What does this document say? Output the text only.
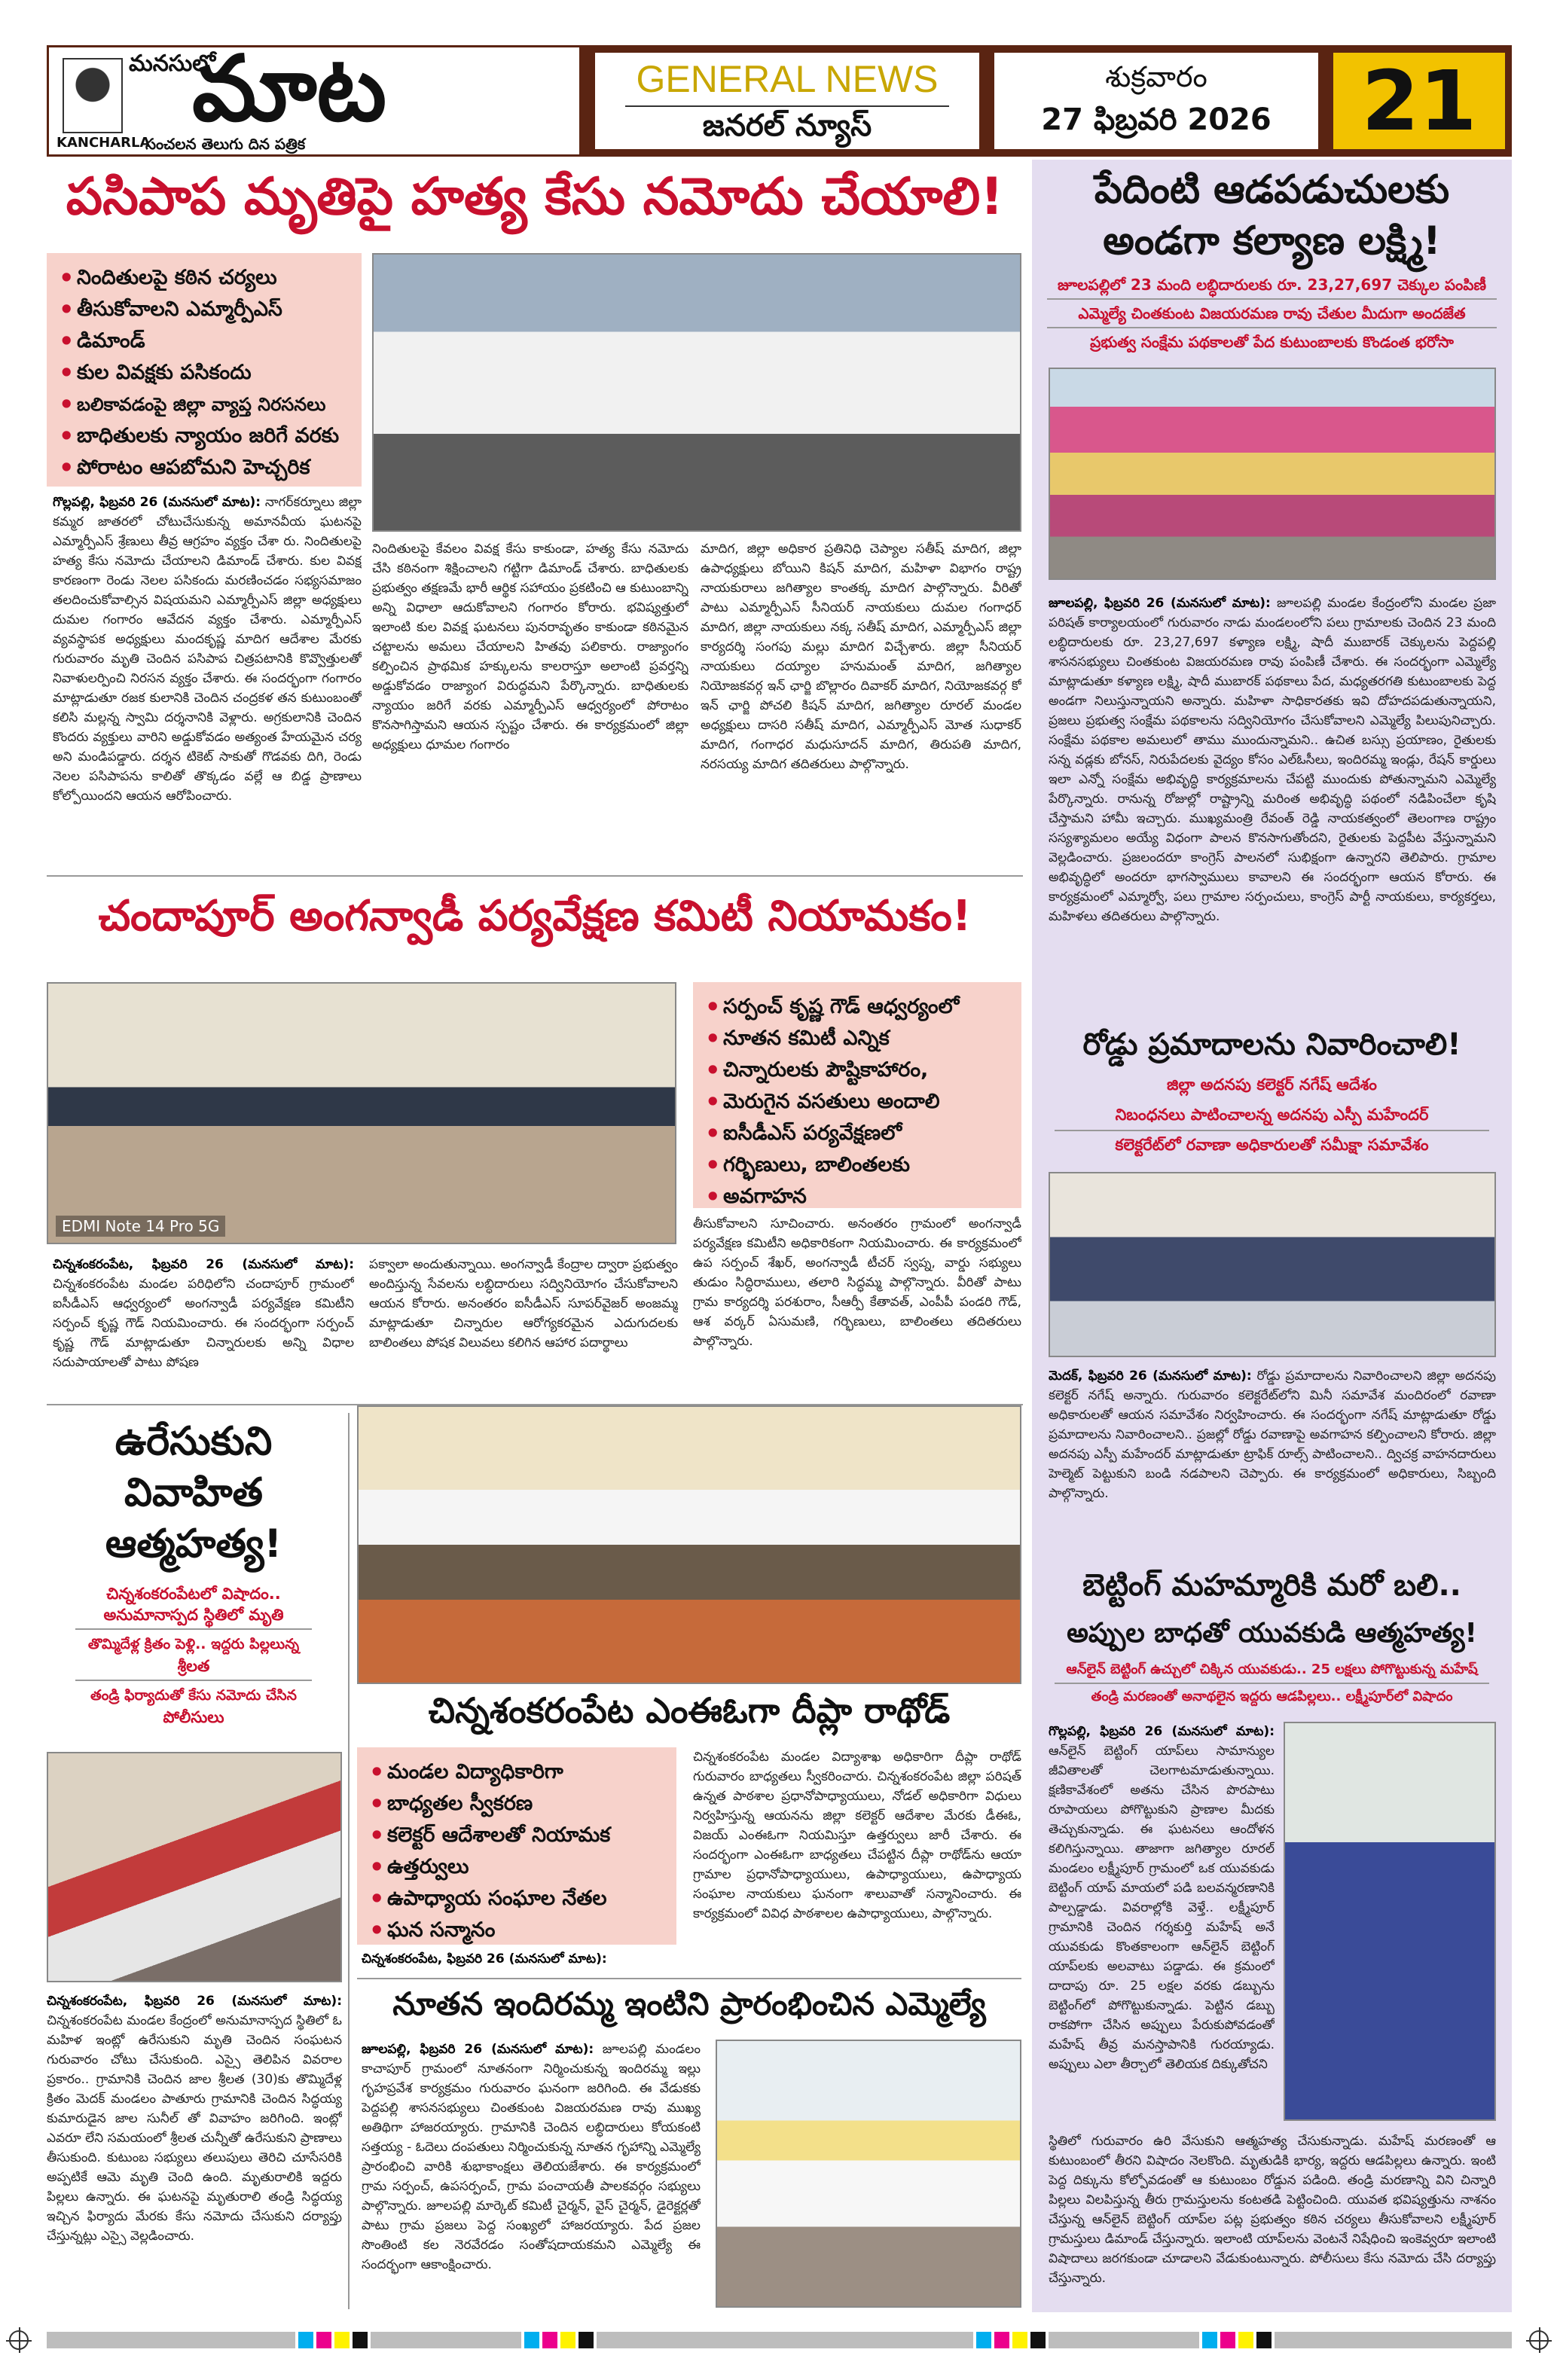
మనసులో
మాట
KANCHARLA
సంచలన తెలుగు దిన పత్రిక
GENERAL NEWS
జనరల్ న్యూస్
శుక్రవారం
27 ఫిబ్రవరి 2026	21
పేదింటి ఆడపడుచులకు
అండగా కల్యాణ లక్ష్మి!
జూలపల్లిలో 23 మంది లబ్ధిదారులకు రూ. 23,27,697 చెక్కుల పంపిణీ
ఎమ్మెల్యే చింతకుంట విజయరమణ రావు చేతుల మీదుగా అందజేత
ప్రభుత్వ సంక్షేమ పథకాలతో పేద కుటుంబాలకు కొండంత భరోసా
జూలపల్లి, ఫిబ్రవరి 26 (మనసులో మాట): జూలపల్లి మండల కేంద్రంలోని మండల ప్రజా పరిషత్ కార్యాలయంలో గురువారం నాడు మండలంలోని పలు గ్రామాలకు చెందిన 23 మంది లబ్ధిదారులకు రూ. 23,27,697 కళ్యాణ లక్ష్మి, షాదీ ముబారక్ చెక్కులను పెద్దపల్లి శాసనసభ్యులు చింతకుంట విజయరమణ రావు పంపిణీ చేశారు. ఈ సందర్భంగా ఎమ్మెల్యే మాట్లాడుతూ కళ్యాణ లక్ష్మి, షాదీ ముబారక్ పథకాలు పేద, మధ్యతరగతి కుటుంబాలకు పెద్ద అండగా నిలుస్తున్నాయని అన్నారు. మహిళా సాధికారతకు ఇవి దోహదపడుతున్నాయని, ప్రజలు ప్రభుత్వ సంక్షేమ పథకాలను సద్వినియోగం చేసుకోవాలని ఎమ్మెల్యే పిలుపునిచ్చారు. సంక్షేమ పథకాల అమలులో తాము ముందున్నామని.. ఉచిత బస్సు ప్రయాణం, రైతులకు సన్న వడ్లకు బోనస్, నిరుపేదలకు వైద్యం కోసం ఎల్ఓసీలు, ఇందిరమ్మ ఇండ్లు, రేషన్ కార్డులు ఇలా ఎన్నో సంక్షేమ అభివృద్ధి కార్యక్రమాలను చేపట్టి ముందుకు పోతున్నామని ఎమ్మెల్యే పేర్కొన్నారు. రానున్న రోజుల్లో రాష్ట్రాన్ని మరింత అభివృద్ధి పథంలో నడిపించేలా కృషి చేస్తామని హామీ ఇచ్చారు. ముఖ్యమంత్రి రేవంత్ రెడ్డి నాయకత్వంలో తెలంగాణ రాష్ట్రం సస్యశ్యామలం అయ్యే విధంగా పాలన కొనసాగుతోందని, రైతులకు పెద్దపీట వేస్తున్నామని వెల్లడించారు. ప్రజలందరూ కాంగ్రెస్ పాలనలో సుభిక్షంగా ఉన్నారని తెలిపారు. గ్రామాల అభివృద్ధిలో అందరూ భాగస్వాములు కావాలని ఈ సందర్భంగా ఆయన కోరారు. ఈ కార్యక్రమంలో ఎమ్మార్వో, పలు గ్రామాల సర్పంచులు, కాంగ్రెస్ పార్టీ నాయకులు, కార్యకర్తలు, మహిళలు తదితరులు పాల్గొన్నారు.
రోడ్డు ప్రమాదాలను నివారించాలి!
జిల్లా అదనపు కలెక్టర్ నగేష్ ఆదేశం
నిబంధనలు పాటించాలన్న అదనపు ఎస్పీ మహేందర్
కలెక్టరేట్‌లో రవాణా అధికారులతో సమీక్షా సమావేశం
మెదక్, ఫిబ్రవరి 26 (మనసులో మాట): రోడ్డు ప్రమాదాలను నివారించాలని జిల్లా అదనపు కలెక్టర్ నగేష్ అన్నారు. గురువారం కలెక్టరేట్‌లోని మినీ సమావేశ మందిరంలో రవాణా అధికారులతో ఆయన సమావేశం నిర్వహించారు. ఈ సందర్భంగా నగేష్ మాట్లాడుతూ రోడ్డు ప్రమాదాలను నివారించాలని.. ప్రజల్లో రోడ్డు రవాణాపై అవగాహన కల్పించాలని కోరారు. జిల్లా అదనపు ఎస్పీ మహేందర్ మాట్లాడుతూ ట్రాఫిక్ రూల్స్ పాటించాలని.. ద్విచక్ర వాహనదారులు హెల్మెట్ పెట్టుకుని బండి నడపాలని చెప్పారు. ఈ కార్యక్రమంలో అధికారులు, సిబ్బంది పాల్గొన్నారు.
బెట్టింగ్ మహమ్మారికి మరో బలి..
అప్పుల బాధతో యువకుడి ఆత్మహత్య!
ఆన్‌లైన్ బెట్టింగ్ ఉచ్చులో చిక్కిన యువకుడు.. 25 లక్షలు పోగొట్టుకున్న మహేష్
తండ్రి మరణంతో అనాథలైన ఇద్దరు ఆడపిల్లలు.. లక్ష్మీపూర్‌లో విషాదం
గొల్లపల్లి, ఫిబ్రవరి 26 (మనసులో మాట): ఆన్‌లైన్ బెట్టింగ్ యాప్‌లు సామాన్యుల జీవితాలతో చెలగాటమాడుతున్నాయి. క్షణికావేశంలో అతను చేసిన పొరపాటు రూపాయలు పోగొట్టుకుని ప్రాణాల మీదకు తెచ్చుకున్నాడు. ఈ ఘటనలు ఆందోళన కలిగిస్తున్నాయి. తాజాగా జగిత్యాల రూరల్ మండలం లక్ష్మీపూర్ గ్రామంలో ఒక యువకుడు బెట్టింగ్ యాప్ మాయలో పడి బలవన్మరణానికి పాల్పడ్డాడు. వివరాల్లోకి వెళ్తే.. లక్ష్మీపూర్ గ్రామానికి చెందిన గర్శకుర్తి మహేష్ అనే యువకుడు కొంతకాలంగా ఆన్‌లైన్ బెట్టింగ్ యాప్‌లకు అలవాటు పడ్డాడు. ఈ క్రమంలో దాదాపు రూ. 25 లక్షల వరకు డబ్బును బెట్టింగ్‌లో పోగొట్టుకున్నాడు. పెట్టిన డబ్బు రాకపోగా చేసిన అప్పులు పేరుకుపోవడంతో మహేష్ తీవ్ర మనస్తాపానికి గురయ్యాడు. అప్పులు ఎలా తీర్చాలో తెలియక దిక్కుతోచని
స్థితిలో గురువారం ఉరి వేసుకుని ఆత్మహత్య చేసుకున్నాడు. మహేష్ మరణంతో ఆ కుటుంబంలో తీరని విషాదం నెలకొంది. మృతుడికి భార్య, ఇద్దరు ఆడపిల్లలు ఉన్నారు. ఇంటి పెద్ద దిక్కును కోల్పోవడంతో ఆ కుటుంబం రోడ్డున పడింది. తండ్రి మరణాన్ని విని చిన్నారి పిల్లలు విలపిస్తున్న తీరు గ్రామస్తులను కంటతడి పెట్టించింది. యువత భవిష్యత్తును నాశనం చేస్తున్న ఆన్‌లైన్ బెట్టింగ్ యాప్‌ల పట్ల ప్రభుత్వం కఠిన చర్యలు తీసుకోవాలని లక్ష్మీపూర్ గ్రామస్తులు డిమాండ్ చేస్తున్నారు. ఇలాంటి యాప్‌లను వెంటనే నిషేధించి ఇంకెవ్వరూ ఇలాంటి విషాదాలు జరగకుండా చూడాలని వేడుకుంటున్నారు. పోలీసులు కేసు నమోదు చేసి దర్యాప్తు చేస్తున్నారు.
పసిపాప మృతిపై హత్య కేసు నమోదు చేయాలి!
• నిందితులపై కఠిన చర్యలు
• తీసుకోవాలని ఎమ్మార్పీఎస్
• డిమాండ్
• కుల వివక్షకు పసికందు
• బలికావడంపై జిల్లా వ్యాప్త నిరసనలు
• బాధితులకు న్యాయం జరిగే వరకు
• పోరాటం ఆపబోమని హెచ్చరిక
గొల్లపల్లి, ఫిబ్రవరి 26 (మనసులో మాట): నాగర్‌కర్నూలు జిల్లా కమ్మర జాతరలో చోటుచేసుకున్న అమానవీయ ఘటనపై ఎమ్మార్పీఎస్ శ్రేణులు తీవ్ర ఆగ్రహం వ్యక్తం చేశా రు. నిందితులపై హత్య కేసు నమోదు చేయాలని డిమాండ్ చేశారు. కుల వివక్ష కారణంగా రెండు నెలల పసికందు మరణించడం సభ్యసమాజం తలదించుకోవాల్సిన విషయమని ఎమ్మార్పీఎస్ జిల్లా అధ్యక్షులు దుమల గంగారం ఆవేదన వ్యక్తం చేశారు. ఎమ్మార్పీఎస్ వ్యవస్థాపక అధ్యక్షులు మందకృష్ణ మాదిగ ఆదేశాల మేరకు గురువారం మృతి చెందిన పసిపాప చిత్రపటానికి కొవ్వొత్తులతో నివాళులర్పించి నిరసన వ్యక్తం చేశారు. ఈ సందర్భంగా గంగారం మాట్లాడుతూ రజక కులానికి చెందిన చంద్రకళ తన కుటుంబంతో కలిసి మల్లన్న స్వామి దర్శనానికి వెళ్లారు. అగ్రకులానికి చెందిన కొందరు వ్యక్తులు వారిని అడ్డుకోవడం అత్యంత హేయమైన చర్య అని మండిపడ్డారు. దర్శన టికెట్ సాకుతో గొడవకు దిగి, రెండు నెలల పసిపాపను కాలితో తొక్కడం వల్లే ఆ బిడ్డ ప్రాణాలు కోల్పోయిందని ఆయన ఆరోపించారు.
నిందితులపై కేవలం వివక్ష కేసు కాకుండా, హత్య కేసు నమోదు చేసి కఠినంగా శిక్షించాలని గట్టిగా డిమాండ్ చేశారు. బాధితులకు ప్రభుత్వం తక్షణమే భారీ ఆర్థిక సహాయం ప్రకటించి ఆ కుటుంబాన్ని అన్ని విధాలా ఆదుకోవాలని గంగారం కోరారు. భవిష్యత్తులో ఇలాంటి కుల వివక్ష ఘటనలు పునరావృతం కాకుండా కఠినమైన చట్టాలను అమలు చేయాలని హితవు పలికారు. రాజ్యాంగం కల్పించిన ప్రాథమిక హక్కులను కాలరాస్తూ అలాంటి ప్రవర్తన్ని అడ్డుకోవడం రాజ్యాంగ విరుద్ధమని పేర్కొన్నారు. బాధితులకు న్యాయం జరిగే వరకు ఎమ్మార్పీఎస్ ఆధ్వర్యంలో పోరాటం కొనసాగిస్తామని ఆయన స్పష్టం చేశారు. ఈ కార్యక్రమంలో జిల్లా అధ్యక్షులు ధూమల గంగారం
మాదిగ, జిల్లా అధికార ప్రతినిధి చెప్యాల సతీష్ మాదిగ, జిల్లా ఉపాధ్యక్షులు బోయిని కిషన్ మాదిగ, మహిళా విభాగం రాష్ట్ర నాయకురాలు జగిత్యాల కాంతక్క మాదిగ పాల్గొన్నారు. వీరితో పాటు ఎమ్మార్పీఎస్ సీనియర్ నాయకులు దుమల గంగాధర్ మాదిగ, జిల్లా నాయకులు నక్క సతీష్ మాదిగ, ఎమ్మార్పీఎస్ జిల్లా కార్యదర్శి సంగపు మల్లు మాదిగ విచ్చేశారు. జిల్లా సీనియర్ నాయకులు దయ్యాల హనుమంత్ మాదిగ, జగిత్యాల నియోజకవర్గ ఇన్ ఛార్జి బొల్లారం దివాకర్ మాదిగ, నియోజకవర్గ కో ఇన్ ఛార్జి పోచలి కిషన్ మాదిగ, జగిత్యాల రూరల్ మండల అధ్యక్షులు దాసరి సతీష్ మాదిగ, ఎమ్మార్పీఎస్ మోత సుధాకర్ మాదిగ, గంగాధర మధుసూదన్ మాదిగ, తిరుపతి మాదిగ, నరసయ్య మాదిగ తదితరులు పాల్గొన్నారు.
చందాపూర్ అంగన్వాడీ పర్యవేక్షణ కమిటీ నియామకం!
EDMI Note 14 Pro 5G
• సర్పంచ్ కృష్ణ గౌడ్ ఆధ్వర్యంలో
• నూతన కమిటీ ఎన్నిక
• చిన్నారులకు పౌష్టికాహారం,
• మెరుగైన వసతులు అందాలి
• ఐసీడీఎస్ పర్యవేక్షణలో
• గర్భిణులు, బాలింతలకు
• అవగాహన
చిన్నశంకరంపేట, ఫిబ్రవరి 26 (మనసులో మాట): చిన్నశంకరంపేట మండల పరిధిలోని చందాపూర్ గ్రామంలో ఐసీడీఎస్ ఆధ్వర్యంలో అంగన్వాడీ పర్యవేక్షణ కమిటీని సర్పంచ్ కృష్ణ గౌడ్ నియమించారు. ఈ సందర్భంగా సర్పంచ్ కృష్ణ గౌడ్ మాట్లాడుతూ చిన్నారులకు అన్ని విధాల సదుపాయాలతో పాటు పోషణ
పక్వాలా అందుతున్నాయి. అంగన్వాడీ కేంద్రాల ద్వారా ప్రభుత్వం అందిస్తున్న సేవలను లబ్ధిదారులు సద్వినియోగం చేసుకోవాలని ఆయన కోరారు. అనంతరం ఐసీడీఎస్ సూపర్‌వైజర్ అంజమ్మ మాట్లాడుతూ చిన్నారుల ఆరోగ్యకరమైన ఎదుగుదలకు బాలింతలు పోషక విలువలు కలిగిన ఆహార పదార్థాలు
తీసుకోవాలని సూచించారు. అనంతరం గ్రామంలో అంగన్వాడీ పర్యవేక్షణ కమిటీని అధికారికంగా నియమించారు. ఈ కార్యక్రమంలో ఉప సర్పంచ్ శేఖర్, అంగన్వాడీ టీచర్ స్వప్న, వార్డు సభ్యులు తుడుం సిద్ధిరాములు, తలారి సిద్ధమ్మ పాల్గొన్నారు. వీరితో పాటు గ్రామ కార్యదర్శి పరశురాం, సీఆర్పీ కేతావత్, ఎంపీపీ పండరి గౌడ్, ఆశ వర్కర్ ఏసుమణి, గర్భిణులు, బాలింతలు తదితరులు పాల్గొన్నారు.
ఉరేసుకుని
వివాహిత
ఆత్మహత్య!
చిన్నశంకరంపేటలో విషాదం..
అనుమానాస్పద స్థితిలో మృతి
తొమ్మిదేళ్ల క్రితం పెళ్లి.. ఇద్దరు పిల్లలున్న
శ్రీలత
తండ్రి ఫిర్యాదుతో కేసు నమోదు చేసిన
పోలీసులు
చిన్నశంకరంపేట, ఫిబ్రవరి 26 (మనసులో మాట): చిన్నశంకరంపేట మండల కేంద్రంలో అనుమానాస్పద స్థితిలో ఓ మహిళ ఇంట్లో ఉరేసుకుని మృతి చెందిన సంఘటన గురువారం చోటు చేసుకుంది. ఎస్సై తెలిపిన వివరాల ప్రకారం.. గ్రామానికి చెందిన జాల శ్రీలత (30)కు తొమ్మిదేళ్ల క్రితం మెదక్ మండలం పాతూరు గ్రామానికి చెందిన సిద్ధయ్య కుమారుడైన జాల సునీల్ తో వివాహం జరిగింది. ఇంట్లో ఎవరూ లేని సమయంలో శ్రీలత చున్నీతో ఉరేసుకుని ప్రాణాలు తీసుకుంది. కుటుంబ సభ్యులు తలుపులు తెరిచి చూసేసరికి అప్పటికే ఆమె మృతి చెంది ఉంది. మృతురాలికి ఇద్దరు పిల్లలు ఉన్నారు. ఈ ఘటనపై మృతురాలి తండ్రి సిద్ధయ్య ఇచ్చిన ఫిర్యాదు మేరకు కేసు నమోదు చేసుకుని దర్యాప్తు చేస్తున్నట్లు ఎస్సై వెల్లడించారు.
చిన్నశంకరంపేట ఎంఈఓగా దీప్లా రాథోడ్
• మండల విద్యాధికారిగా
• బాధ్యతల స్వీకరణ
• కలెక్టర్ ఆదేశాలతో నియామక
• ఉత్తర్వులు
• ఉపాధ్యాయ సంఘాల నేతల
• ఘన సన్మానం
చిన్నశంకరంపేట, ఫిబ్రవరి 26 (మనసులో మాట):
చిన్నశంకరంపేట మండల విద్యాశాఖ అధికారిగా దీప్లా రాథోడ్ గురువారం బాధ్యతలు స్వీకరించారు. చిన్నశంకరంపేట జిల్లా పరిషత్ ఉన్నత పాఠశాల ప్రధానోపాధ్యాయులు, నోడల్ అధికారిగా విధులు నిర్వహిస్తున్న ఆయనను జిల్లా కలెక్టర్ ఆదేశాల మేరకు డీఈఓ, విజయ్ ఎంఈఓగా నియమిస్తూ ఉత్తర్వులు జారీ చేశారు. ఈ సందర్భంగా ఎంఈఓగా బాధ్యతలు చేపట్టిన దీప్లా రాథోడ్‌ను ఆయా గ్రామాల ప్రధానోపాధ్యాయులు, ఉపాధ్యాయులు, ఉపాధ్యాయ సంఘాల నాయకులు ఘనంగా శాలువాతో సన్మానించారు. ఈ కార్యక్రమంలో వివిధ పాఠశాలల ఉపాధ్యాయులు, పాల్గొన్నారు.
నూతన ఇందిరమ్మ ఇంటిని ప్రారంభించిన ఎమ్మెల్యే
జూలపల్లి, ఫిబ్రవరి 26 (మనసులో మాట): జూలపల్లి మండలం కాచాపూర్ గ్రామంలో నూతనంగా నిర్మించుకున్న ఇందిరమ్మ ఇల్లు గృహప్రవేశ కార్యక్రమం గురువారం ఘనంగా జరిగింది. ఈ వేడుకకు పెద్దపల్లి శాసనసభ్యులు చింతకుంట విజయరమణ రావు ముఖ్య అతిథిగా హాజరయ్యారు. గ్రామానికి చెందిన లబ్ధిదారులు కోయకంటి సత్తయ్య - ఓదెలు దంపతులు నిర్మించుకున్న నూతన గృహాన్ని ఎమ్మెల్యే ప్రారంభించి వారికి శుభాకాంక్షలు తెలియజేశారు. ఈ కార్యక్రమంలో గ్రామ సర్పంచ్, ఉపసర్పంచ్, గ్రామ పంచాయతీ పాలకవర్గం సభ్యులు పాల్గొన్నారు. జూలపల్లి మార్కెట్ కమిటీ చైర్మన్, వైస్ చైర్మన్, డైరెక్టర్లతో పాటు గ్రామ ప్రజలు పెద్ద సంఖ్యలో హాజరయ్యారు. పేద ప్రజల సొంతింటి కల నెరవేరడం సంతోషదాయకమని ఎమ్మెల్యే ఈ సందర్భంగా ఆకాంక్షించారు.
